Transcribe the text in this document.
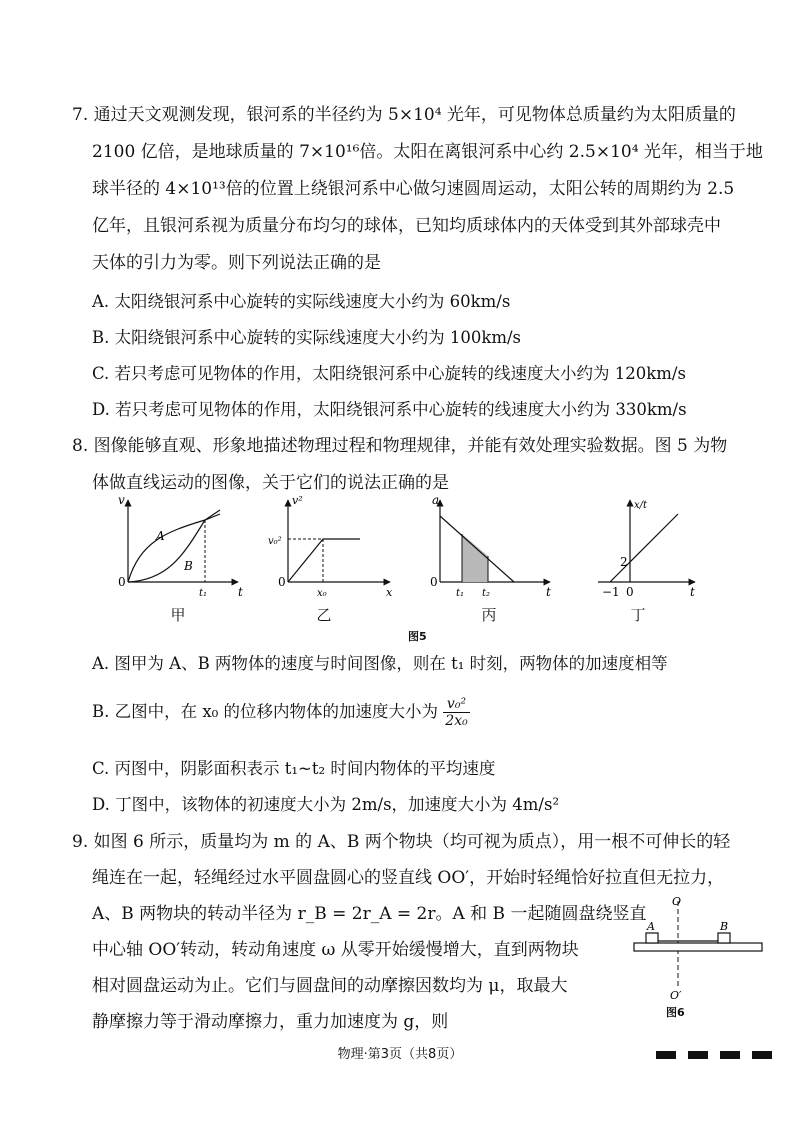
7. 通过天文观测发现，银河系的半径约为 5×10⁴ 光年，可见物体总质量约为太阳质量的
2100 亿倍，是地球质量的 7×10¹⁶倍。太阳在离银河系中心约 2.5×10⁴ 光年，相当于地
球半径的 4×10¹³倍的位置上绕银河系中心做匀速圆周运动，太阳公转的周期约为 2.5
亿年，且银河系视为质量分布均匀的球体，已知均质球体内的天体受到其外部球壳中
天体的引力为零。则下列说法正确的是
A. 太阳绕银河系中心旋转的实际线速度大小约为 60km/s
B. 太阳绕银河系中心旋转的实际线速度大小约为 100km/s
C. 若只考虑可见物体的作用，太阳绕银河系中心旋转的线速度大小约为 120km/s
D. 若只考虑可见物体的作用，太阳绕银河系中心旋转的线速度大小约为 330km/s
8. 图像能够直观、形象地描述物理过程和物理规律，并能有效处理实验数据。图 5 为物
体做直线运动的图像，关于它们的说法正确的是
v
t
0
A
B
t₁
v²
x
0
v₀²
x₀
a
t
0
t₁ t₂
x/t
t
0
2
−1
甲	乙	丙	丁
图5
A. 图甲为 A、B 两物体的速度与时间图像，则在 t₁ 时刻，两物体的加速度相等
B. 乙图中，在 x₀ 的位移内物体的加速度大小为 $\frac{\text{v₀²}}{\text{2x₀}}$
C. 丙图中，阴影面积表示 t₁~t₂ 时间内物体的平均速度
D. 丁图中，该物体的初速度大小为 2m/s，加速度大小为 4m/s²
9. 如图 6 所示，质量均为 m 的 A、B 两个物块（均可视为质点），用一根不可伸长的轻
绳连在一起，轻绳经过水平圆盘圆心的竖直线 OO′，开始时轻绳恰好拉直但无拉力，
A、B 两物块的转动半径为 r_B = 2r_A = 2r。A 和 B 一起随圆盘绕竖直
中心轴 OO′转动，转动角速度 ω 从零开始缓慢增大，直到两物块
相对圆盘运动为止。它们与圆盘间的动摩擦因数均为 μ，取最大
静摩擦力等于滑动摩擦力，重力加速度为 g，则
O
O′
A	B
图6
物理·第3页（共8页）
